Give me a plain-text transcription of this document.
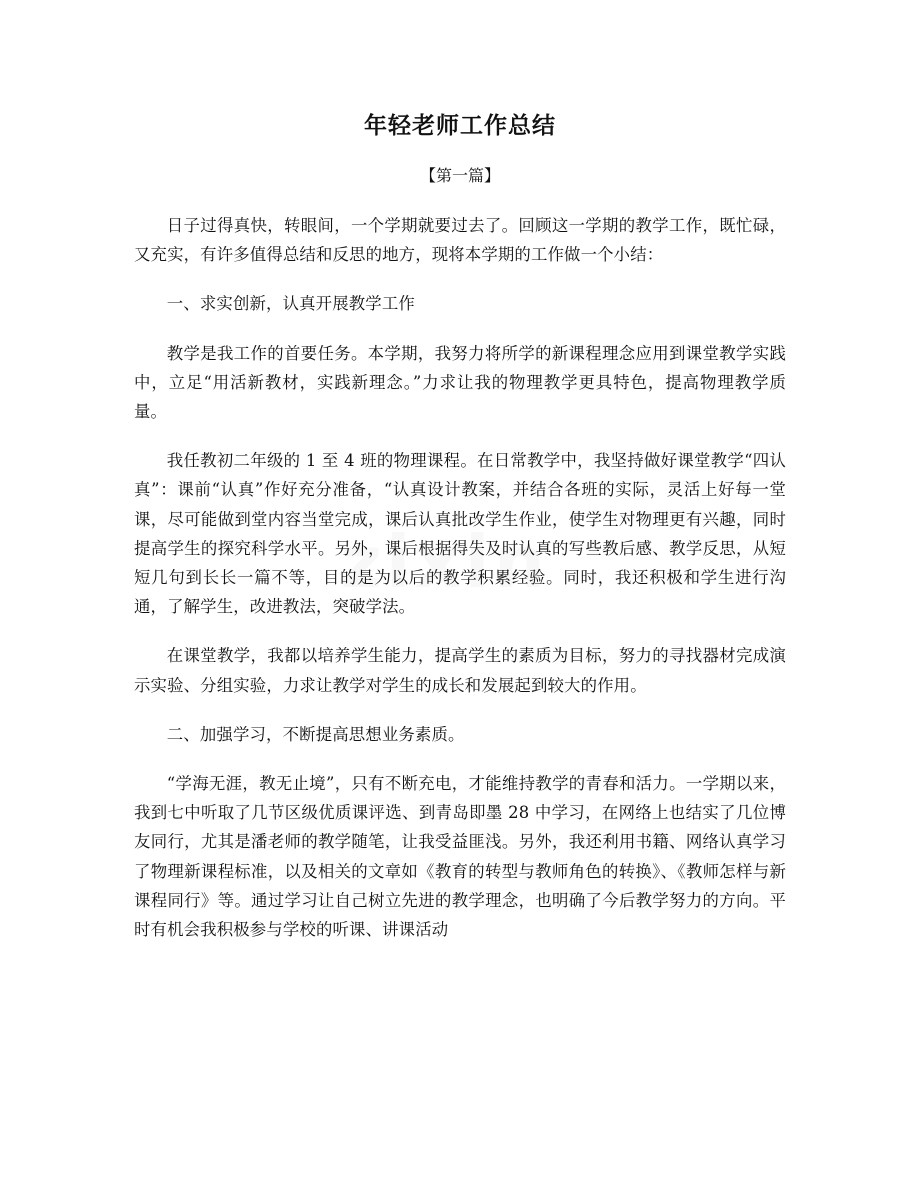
年轻老师工作总结
【第一篇】

日子过得真快，转眼间，一个学期就要过去了。回顾这一学期的教学工作，既忙碌，又充实，有许多值得总结和反思的地方，现将本学期的工作做一个小结：

一、求实创新，认真开展教学工作

教学是我工作的首要任务。本学期，我努力将所学的新课程理念应用到课堂教学实践中，立足“用活新教材，实践新理念。”力求让我的物理教学更具特色，提高物理教学质量。

我任教初二年级的 1 至 4 班的物理课程。在日常教学中，我坚持做好课堂教学“四认真”：课前“认真”作好充分准备，“认真设计教案，并结合各班的实际，灵活上好每一堂课，尽可能做到堂内容当堂完成，课后认真批改学生作业，使学生对物理更有兴趣，同时提高学生的探究科学水平。另外，课后根据得失及时认真的写些教后感、教学反思，从短短几句到长长一篇不等，目的是为以后的教学积累经验。同时，我还积极和学生进行沟通，了解学生，改进教法，突破学法。

在课堂教学，我都以培养学生能力，提高学生的素质为目标，努力的寻找器材完成演示实验、分组实验，力求让教学对学生的成长和发展起到较大的作用。

二、加强学习，不断提高思想业务素质。

“学海无涯，教无止境”，只有不断充电，才能维持教学的青春和活力。一学期以来，我到七中听取了几节区级优质课评选、到青岛即墨 28 中学习，在网络上也结实了几位博友同行，尤其是潘老师的教学随笔，让我受益匪浅。另外，我还利用书籍、网络认真学习了物理新课程标准，以及相关的文章如《教育的转型与教师角色的转换》、《教师怎样与新课程同行》等。通过学习让自己树立先进的教学理念，也明确了今后教学努力的方向。平时有机会我积极参与学校的听课、讲课活动
